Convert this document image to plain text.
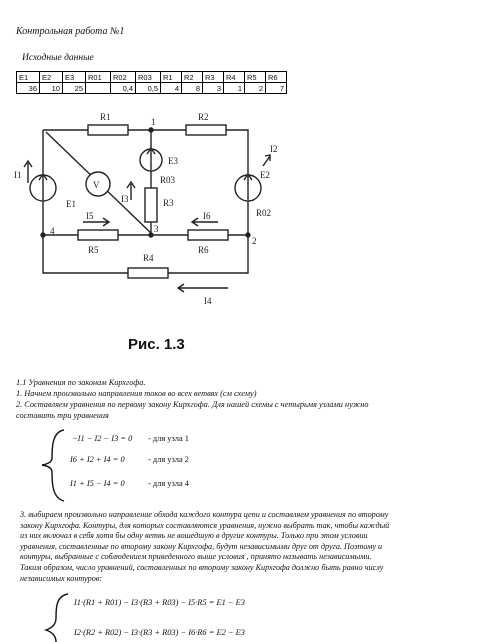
Контрольная работа №1
Исходные данные
E1	E2	E3	R01	R02	R03	R1	R2	R3	R4	R5	R6
36	10	25		0,4	0,5	4	8	3	1	2	7
R1	R2
R3
R4
R5	R6
R02
R03
E1
E2
E3
V
I1
I2
I3
I4
I5	I6
1
2
3
4
Рис. 1.3
1.1 Уравнения по законам Кирхгофа.
1. Начнем произвольно направления токов во всех ветвях (см схему)
2. Составляем уравнения по первому закону Кирхгофа. Для нашей схемы с четырьмя узлами нужно
составить три уравнения
−I1 − I2 − I3 = 0 - для узла 1
I6 + I2 + I4 = 0	- для узла 2
I1 + I5 − I4 = 0	- для узла 4
3. выбираем произвольно направление обхода каждого контура цепи и составляем уравнения по второму
закону Кирхгофа. Контуры, для которых составляются уравнения, нужно выбрать так, чтобы каждый
из них включал в себя хотя бы одну ветвь не вошедшую в другие контуры. Только при этом условии
уравнения, составленные по второму закону Кирхгофа, будут независимыми друг от друга. Поэтому и
контуры, выбранные с соблюдением приведенного выше условия , принято называть независимыми.
Таким образом, число уравнений, составленных по второму закону Кирхгофа должно быть равно числу
независимых контуров:
I1·(R1 + R01) − I3·(R3 + R03) − I5·R5 = E1 − E3
I2·(R2 + R02) − I3·(R3 + R03) − I6·R6 = E2 − E3
